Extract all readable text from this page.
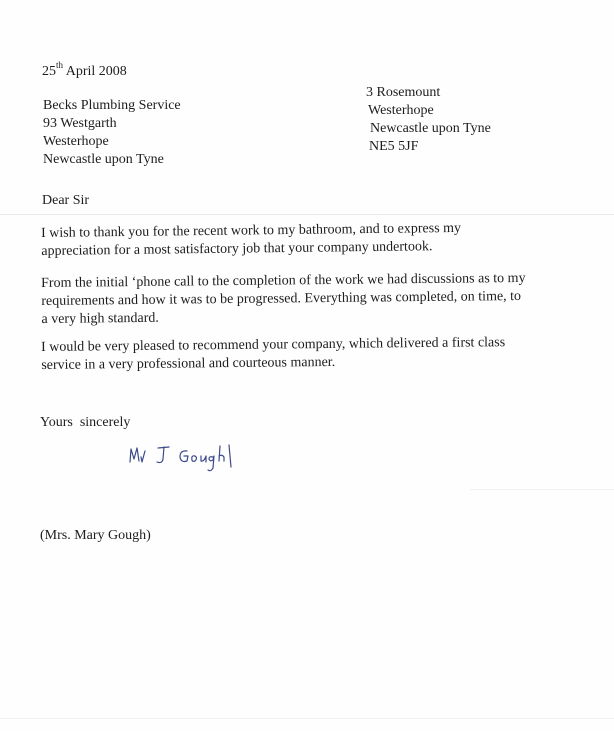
25th April 2008
Becks Plumbing Service
93 Westgarth
Westerhope
Newcastle upon Tyne
3 Rosemount
Westerhope
Newcastle upon Tyne
NE5 5JF
Dear Sir
I wish to thank you for the recent work to my bathroom, and to express my
appreciation for a most satisfactory job that your company undertook.
From the initial ‘phone call to the completion of the work we had discussions as to my
requirements and how it was to be progressed. Everything was completed, on time, to
a very high standard.
I would be very pleased to recommend your company, which delivered a first class
service in a very professional and courteous manner.
Yours  sincerely
(Mrs. Mary Gough)
